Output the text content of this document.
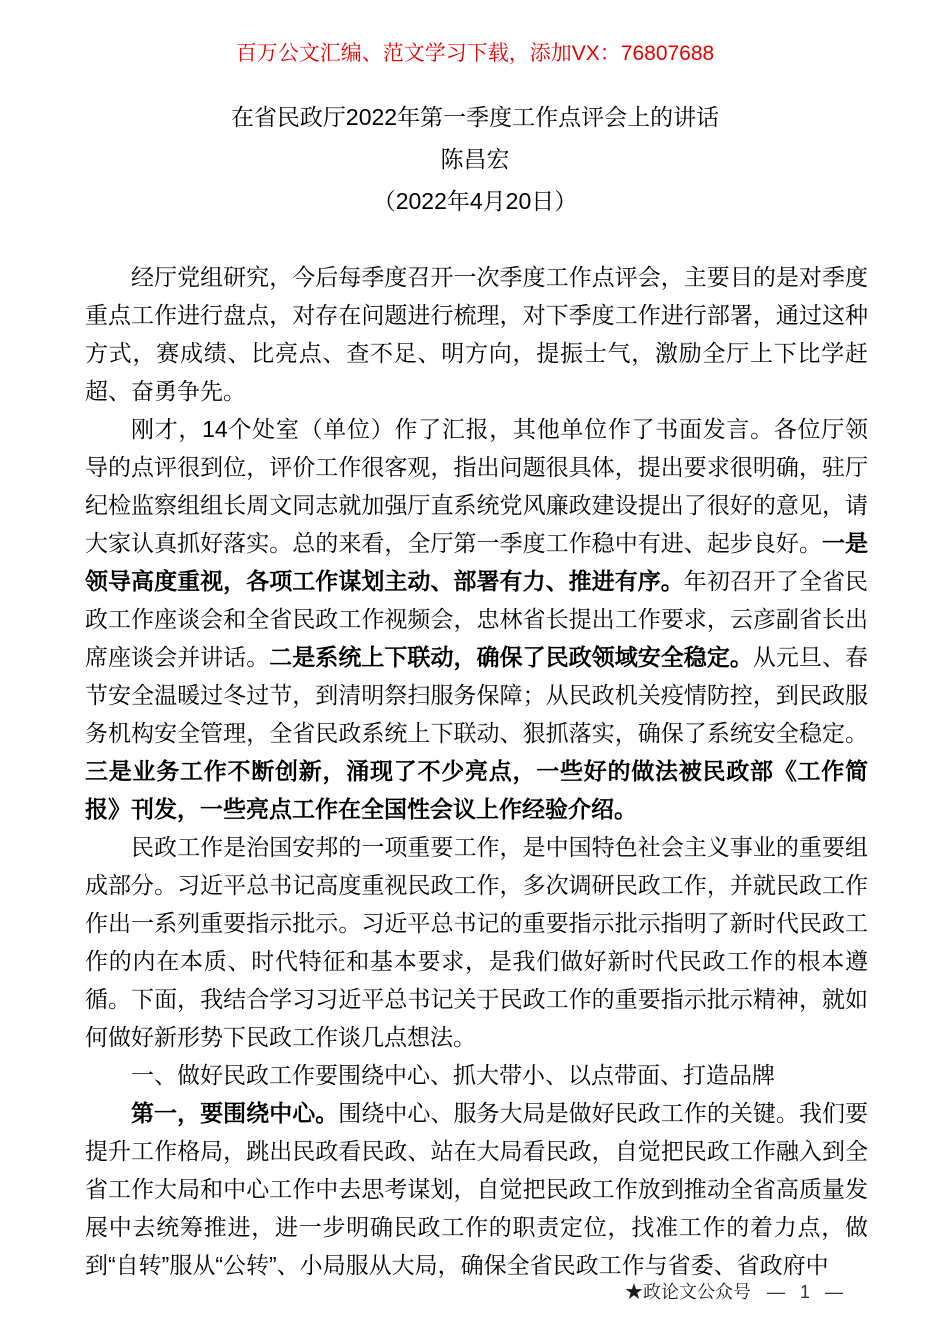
百万公文汇编、范文学习下载，添加VX：76807688
在省民政厅2022年第一季度工作点评会上的讲话
陈昌宏
（2022年4月20日）

经厅党组研究，今后每季度召开一次季度工作点评会，主要目的是对季度重点工作进行盘点，对存在问题进行梳理，对下季度工作进行部署，通过这种方式，赛成绩、比亮点、查不足、明方向，提振士气，激励全厅上下比学赶超、奋勇争先。

刚才，14个处室（单位）作了汇报，其他单位作了书面发言。各位厅领导的点评很到位，评价工作很客观，指出问题很具体，提出要求很明确，驻厅纪检监察组组长周文同志就加强厅直系统党风廉政建设提出了很好的意见，请大家认真抓好落实。总的来看，全厅第一季度工作稳中有进、起步良好。一是领导高度重视，各项工作谋划主动、部署有力、推进有序。年初召开了全省民政工作座谈会和全省民政工作视频会，忠林省长提出工作要求，云彦副省长出席座谈会并讲话。二是系统上下联动，确保了民政领域安全稳定。从元旦、春节安全温暖过冬过节，到清明祭扫服务保障；从民政机关疫情防控，到民政服务机构安全管理，全省民政系统上下联动、狠抓落实，确保了系统安全稳定。三是业务工作不断创新，涌现了不少亮点，一些好的做法被民政部《工作简报》刊发，一些亮点工作在全国性会议上作经验介绍。

民政工作是治国安邦的一项重要工作，是中国特色社会主义事业的重要组成部分。习近平总书记高度重视民政工作，多次调研民政工作，并就民政工作作出一系列重要指示批示。习近平总书记的重要指示批示指明了新时代民政工作的内在本质、时代特征和基本要求，是我们做好新时代民政工作的根本遵循。下面，我结合学习习近平总书记关于民政工作的重要指示批示精神，就如何做好新形势下民政工作谈几点想法。

一、做好民政工作要围绕中心、抓大带小、以点带面、打造品牌

第一，要围绕中心。围绕中心、服务大局是做好民政工作的关键。我们要提升工作格局，跳出民政看民政、站在大局看民政，自觉把民政工作融入到全省工作大局和中心工作中去思考谋划，自觉把民政工作放到推动全省高质量发展中去统筹推进，进一步明确民政工作的职责定位，找准工作的着力点，做到“自转”服从“公转”、小局服从大局，确保全省民政工作与省委、省政府中

★政论文公众号 — 1 —
